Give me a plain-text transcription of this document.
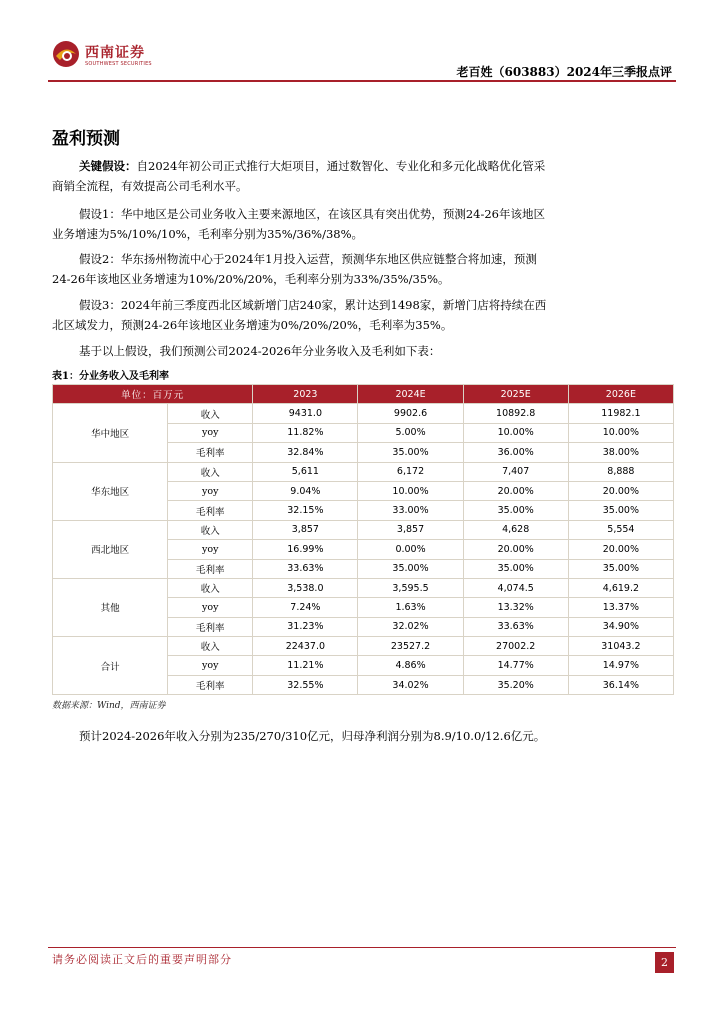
西南证券
SOUTHWEST SECURITIES
老百姓（603883）2024年三季报点评
盈利预测
关键假设：自2024年初公司正式推行大炬项目，通过数智化、专业化和多元化战略优化管采商销全流程，有效提高公司毛利水平。
假设1：华中地区是公司业务收入主要来源地区，在该区具有突出优势，预测24-26年该地区业务增速为5%/10%/10%，毛利率分别为35%/36%/38%。
假设2：华东扬州物流中心于2024年1月投入运营，预测华东地区供应链整合将加速，预测24-26年该地区业务增速为10%/20%/20%，毛利率分别为33%/35%/35%。
假设3：2024年前三季度西北区域新增门店240家，累计达到1498家，新增门店将持续在西北区域发力，预测24-26年该地区业务增速为0%/20%/20%，毛利率为35%。
基于以上假设，我们预测公司2024-2026年分业务收入及毛利如下表：
表1：分业务收入及毛利率
单位：百万元		2023	2024E	2025E	2026E
华中地区	收入	9431.0	9902.6	10892.8	11982.1
	yoy	11.82%	5.00%	10.00%	10.00%
	毛利率	32.84%	35.00%	36.00%	38.00%
华东地区	收入	5,611	6,172	7,407	8,888
	yoy	9.04%	10.00%	20.00%	20.00%
	毛利率	32.15%	33.00%	35.00%	35.00%
西北地区	收入	3,857	3,857	4,628	5,554
	yoy	16.99%	0.00%	20.00%	20.00%
	毛利率	33.63%	35.00%	35.00%	35.00%
其他	收入	3,538.0	3,595.5	4,074.5	4,619.2
	yoy	7.24%	1.63%	13.32%	13.37%
	毛利率	31.23%	32.02%	33.63%	34.90%
合计	收入	22437.0	23527.2	27002.2	31043.2
	yoy	11.21%	4.86%	14.77%	14.97%
	毛利率	32.55%	34.02%	35.20%	36.14%
数据来源：Wind，西南证券
预计2024-2026年收入分别为235/270/310亿元，归母净利润分别为8.9/10.0/12.6亿元。
请务必阅读正文后的重要声明部分	2
